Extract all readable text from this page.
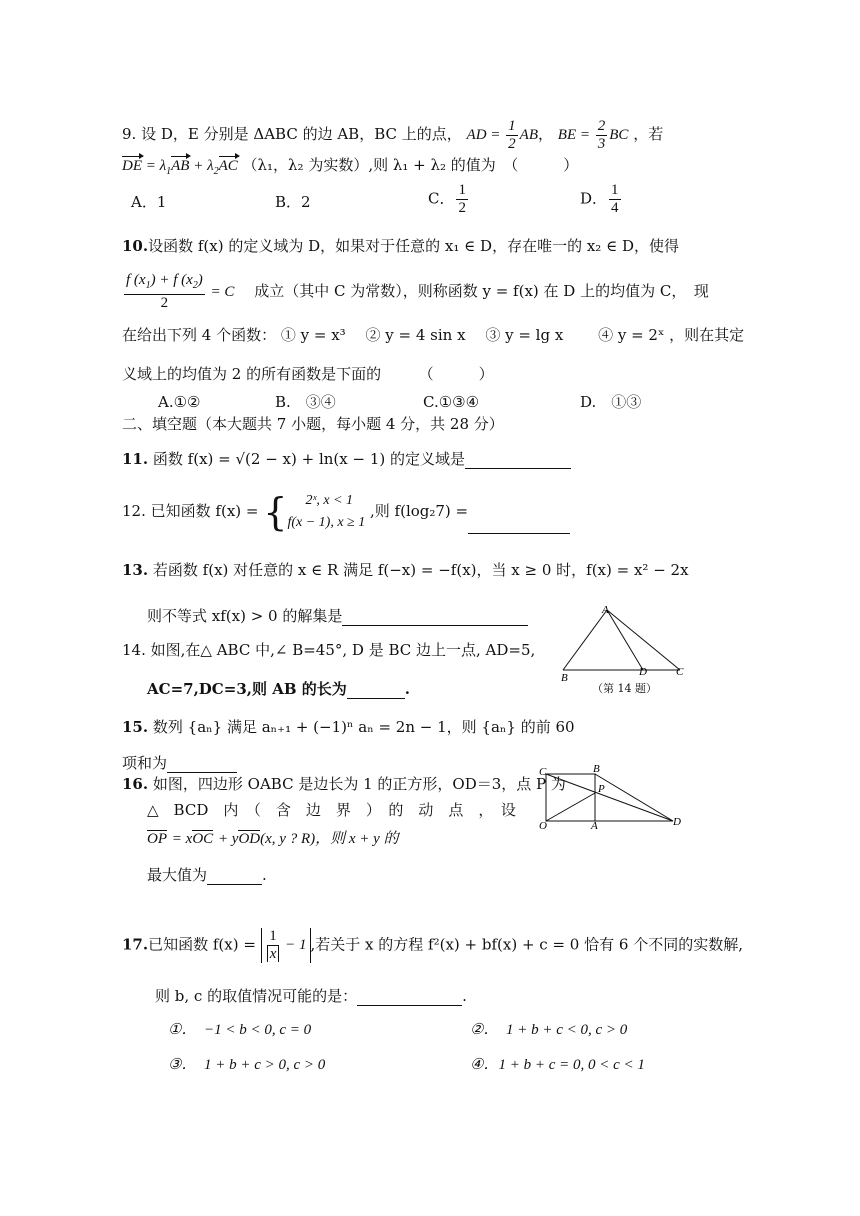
9. 设 D，E 分别是 ΔABC 的边 AB，BC 上的点， AD = $\frac{1}{2}$ AB， BE = $\frac{2}{3}$ BC ，若
DE = $\lambda_1AB + \lambda_2AC$ （λ₁，λ₂ 为实数）,则 λ₁ + λ₂ 的值为　（　　　）
A．1	B．2	C． $\frac{1}{2}$	D． $\frac{1}{4}$
10.设函数 f(x) 的定义域为 D，如果对于任意的 x₁ ∈ D，存在唯一的 x₂ ∈ D，使得
$\frac{f (x_1) + f (x_2)}{2} = C$　 成立（其中 C 为常数），则称函数 y = f(x) 在 D 上的均值为 C，　现
在给出下列 4 个函数： ① y = x³　 ② y = 4 sin x　 ③ y = lg x　　 ④ y = 2ˣ ，则在其定
义域上的均值为 2 的所有函数是下面的　　　（　　　）
A.①②	B.　③④	C.①③④	D.　①③
二、填空题（本大题共 7 小题，每小题 4 分，共 28 分）
11. 函数 f(x) = √(2 − x) + ln(x − 1) 的定义域是
12. 已知函数 f(x) = {	2ˣ, x < 1
f(x − 1), x ≥ 1
,则 f(log₂7) =
13. 若函数 f(x) 对任意的 x ∈ R 满足 f(−x) = −f(x)，当 x ≥ 0 时，f(x) = x² − 2x
则不等式 xf(x) > 0 的解集是
14. 如图,在△ ABC 中,∠ B=45°, D 是 BC 边上一点, AD=5,
AC=7,DC=3,则 AB 的长为	.
A
B	D	C
（第 14 题）
15. 数列 {aₙ} 满足 aₙ₊₁ + (−1)ⁿ aₙ = 2n − 1，则 {aₙ} 的前 60
项和为
16. 如图，四边形 OABC 是边长为 1 的正方形，OD＝3，点 P 为
△　BCD　内　（　含　边　界　）　的　动　点　，　设
OP = xOC + yOD(x, y ? R)，则 x + y 的
最大值为	.
C	B
P
O	A	D
17.已知函数 $f(x) = \frac{1}{x} - 1$ ,若关于 x 的方程 f²(x) + bf(x) + c = 0 恰有 6 个不同的实数解,
则 b, c 的取值情况可能的是：	.
①．　−1 < b < 0, c = 0	②．　1 + b + c < 0, c > 0
③．　1 + b + c > 0, c > 0	④．1 + b + c = 0, 0 < c < 1
